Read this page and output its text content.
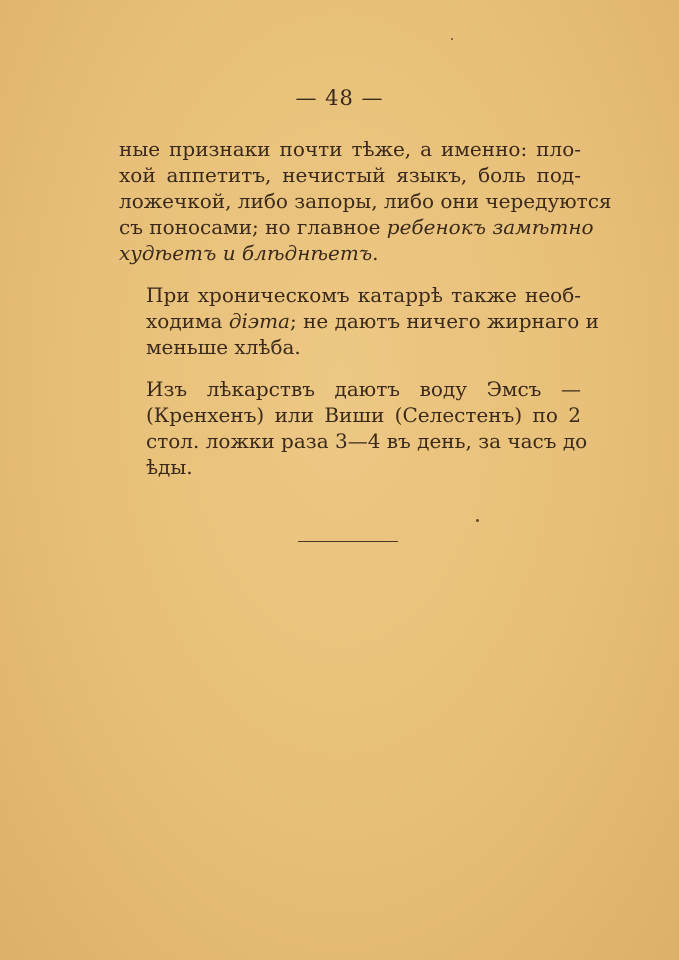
— 48 —

ные признаки почти тѣже, а именно: пло-
хой аппетитъ, нечистый языкъ, боль под-
ложечкой, либо запоры, либо они чередуются
съ поносами; но главное ребенокъ замѣтно
худѣетъ и блѣднѣетъ.

При хроническомъ катаррѣ также необ-
ходима діэта; не даютъ ничего жирнаго и
меньше хлѣба.

Изъ лѣкарствъ даютъ воду Эмсъ —
(Кренхенъ) или Виши (Селестенъ) по 2
стол. ложки раза 3—4 въ день, за часъ до
ѣды.
